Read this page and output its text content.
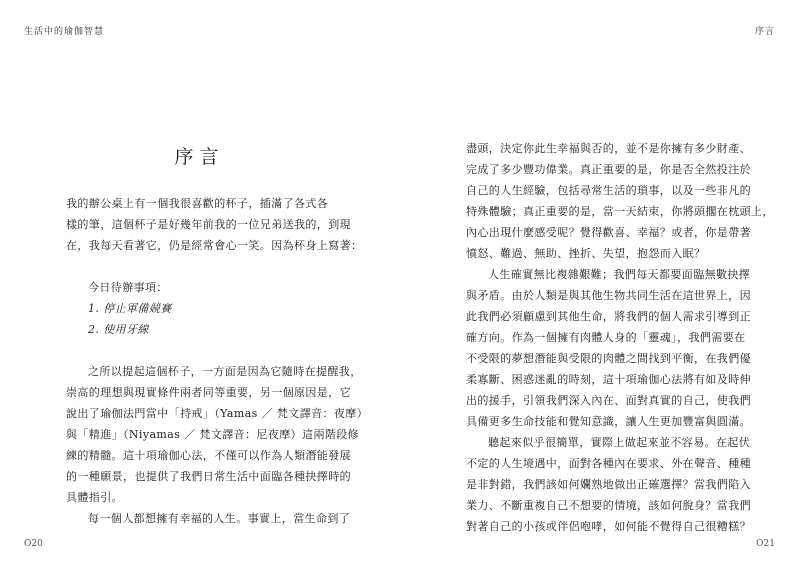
生活中的瑜伽智慧
序言

我的辦公桌上有一個我很喜歡的杯子，插滿了各式各

樣的筆，這個杯子是好幾年前我的一位兄弟送我的，到現

在，我每天看著它，仍是經常會心一笑。因為杯身上寫著：

今日待辦事項：

1. 停止軍備競賽

2. 使用牙線

之所以提起這個杯子，一方面是因為它隨時在提醒我，

崇高的理想與現實條件兩者同等重要，另一個原因是，它

說出了瑜伽法門當中「持戒」（Yamas ／ 梵文譯音：夜摩）

與「精進」（Niyamas ／ 梵文譯音：尼夜摩）這兩階段修

練的精髓。這十項瑜伽心法，不僅可以作為人類潛能發展

的一種願景，也提供了我們日常生活中面臨各種抉擇時的

具體指引。

每一個人都想擁有幸福的人生。事實上，當生命到了

O20
序言

盡頭，決定你此生幸福與否的，並不是你擁有多少財產、

完成了多少豐功偉業。真正重要的是，你是否全然投注於

自己的人生經驗，包括尋常生活的瑣事，以及一些非凡的

特殊體驗；真正重要的是，當一天結束，你將頭擱在枕頭上，

內心出現什麼感受呢？覺得歡喜、幸福？或者，你是帶著

憤怒、難過、無助、挫折、失望，抱怨而入眠？

人生確實無比複雜艱難；我們每天都要面臨無數抉擇

與矛盾。由於人類是與其他生物共同生活在這世界上，因

此我們必須顧慮到其他生命，將我們的個人需求引導到正

確方向。作為一個擁有肉體人身的「靈魂」，我們需要在

不受限的夢想潛能與受限的肉體之間找到平衡，在我們優

柔寡斷、困惑迷亂的時刻，這十項瑜伽心法將有如及時伸

出的援手，引領我們深入內在、面對真實的自己，使我們

具備更多生命技能和覺知意識，讓人生更加豐富與圓滿。

聽起來似乎很簡單，實際上做起來並不容易。在起伏

不定的人生境遇中，面對各種內在要求、外在聲音、種種

是非對錯，我們該如何孄熟地做出正確選擇？當我們陷入

業力、不斷重複自己不想要的情境，該如何脫身？當我們

對著自己的小孩或伴侶咆哮，如何能不覺得自己很糟糕？

O21
